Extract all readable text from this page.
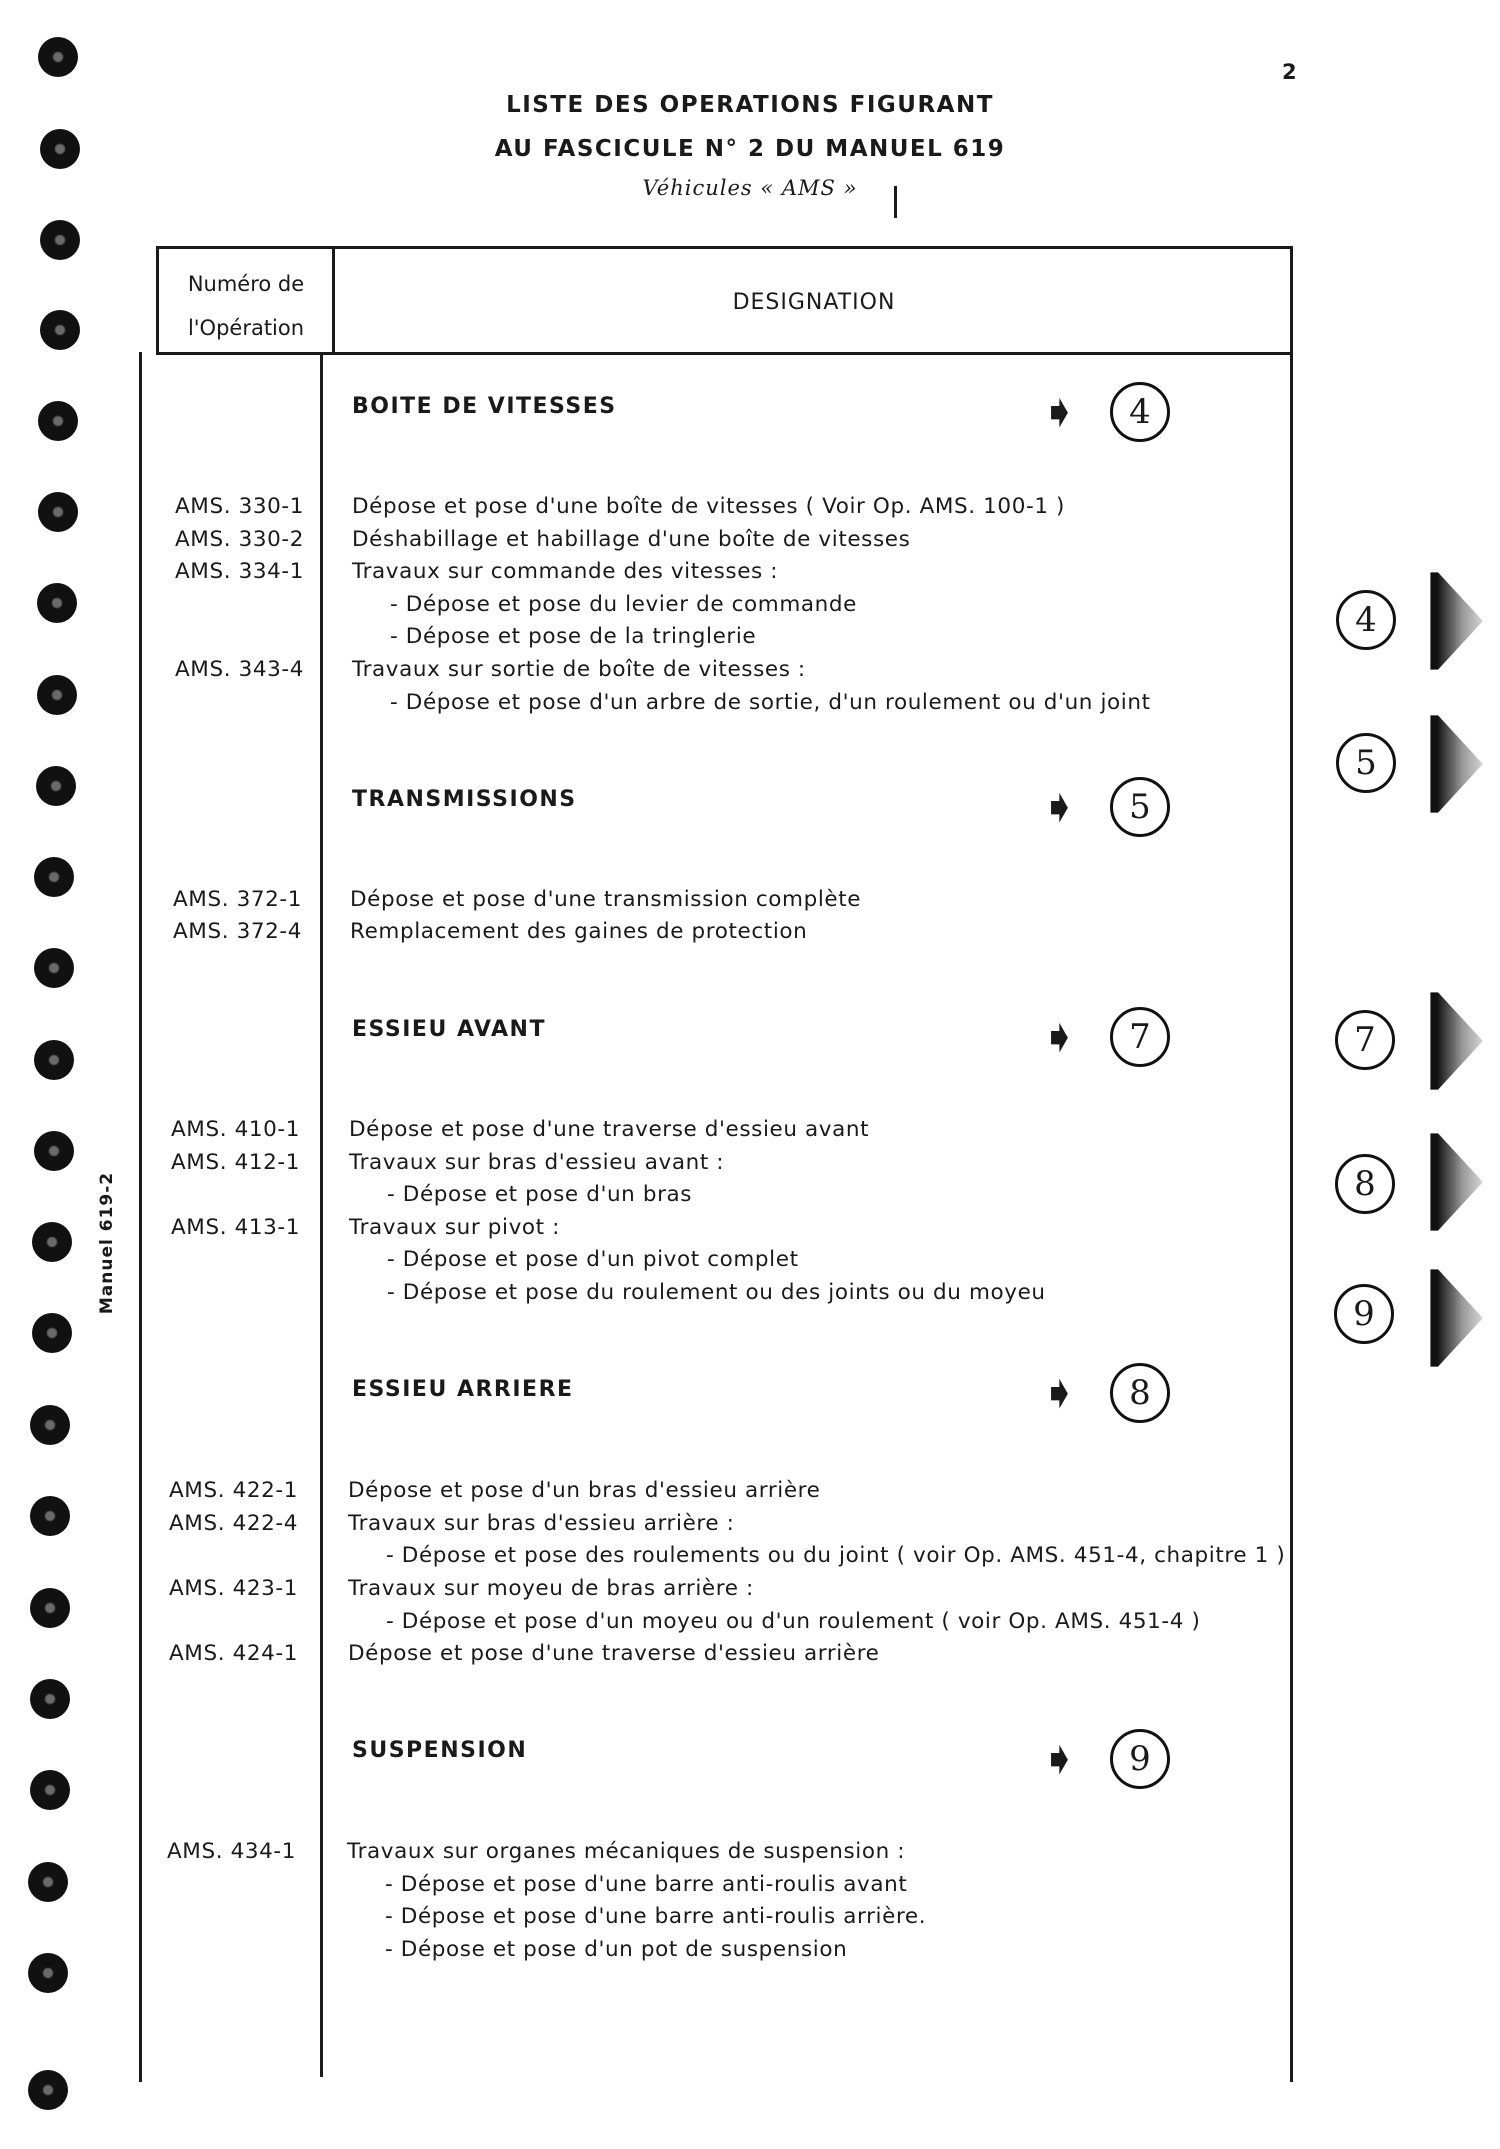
2
LISTE DES OPERATIONS FIGURANT
AU FASCICULE N° 2 DU MANUEL 619
Véhicules « AMS »
Numéro de
l'Opération
DESIGNATION
BOITE DE VITESSES	➧	4
AMS. 330-1 Dépose et pose d'une boîte de vitesses ( Voir Op. AMS. 100-1 )
AMS. 330-2 Déshabillage et habillage d'une boîte de vitesses
AMS. 334-1 Travaux sur commande des vitesses :
- Dépose et pose du levier de commande
- Dépose et pose de la tringlerie
AMS. 343-4 Travaux sur sortie de boîte de vitesses :
- Dépose et pose d'un arbre de sortie, d'un roulement ou d'un joint
TRANSMISSIONS	➧	5
AMS. 372-1 Dépose et pose d'une transmission complète
AMS. 372-4 Remplacement des gaines de protection
ESSIEU AVANT	➧	7
AMS. 410-1 Dépose et pose d'une traverse d'essieu avant
AMS. 412-1 Travaux sur bras d'essieu avant :
- Dépose et pose d'un bras
AMS. 413-1 Travaux sur pivot :
- Dépose et pose d'un pivot complet
- Dépose et pose du roulement ou des joints ou du moyeu
ESSIEU ARRIERE	➧	8
AMS. 422-1 Dépose et pose d'un bras d'essieu arrière
AMS. 422-4 Travaux sur bras d'essieu arrière :
- Dépose et pose des roulements ou du joint ( voir Op. AMS. 451-4, chapitre 1 )
AMS. 423-1 Travaux sur moyeu de bras arrière :
- Dépose et pose d'un moyeu ou d'un roulement ( voir Op. AMS. 451-4 )
AMS. 424-1 Dépose et pose d'une traverse d'essieu arrière
SUSPENSION	➧	9
AMS. 434-1 Travaux sur organes mécaniques de suspension :
- Dépose et pose d'une barre anti-roulis avant
- Dépose et pose d'une barre anti-roulis arrière.
- Dépose et pose d'un pot de suspension
4
5
7
8
9
Manuel 619-2
